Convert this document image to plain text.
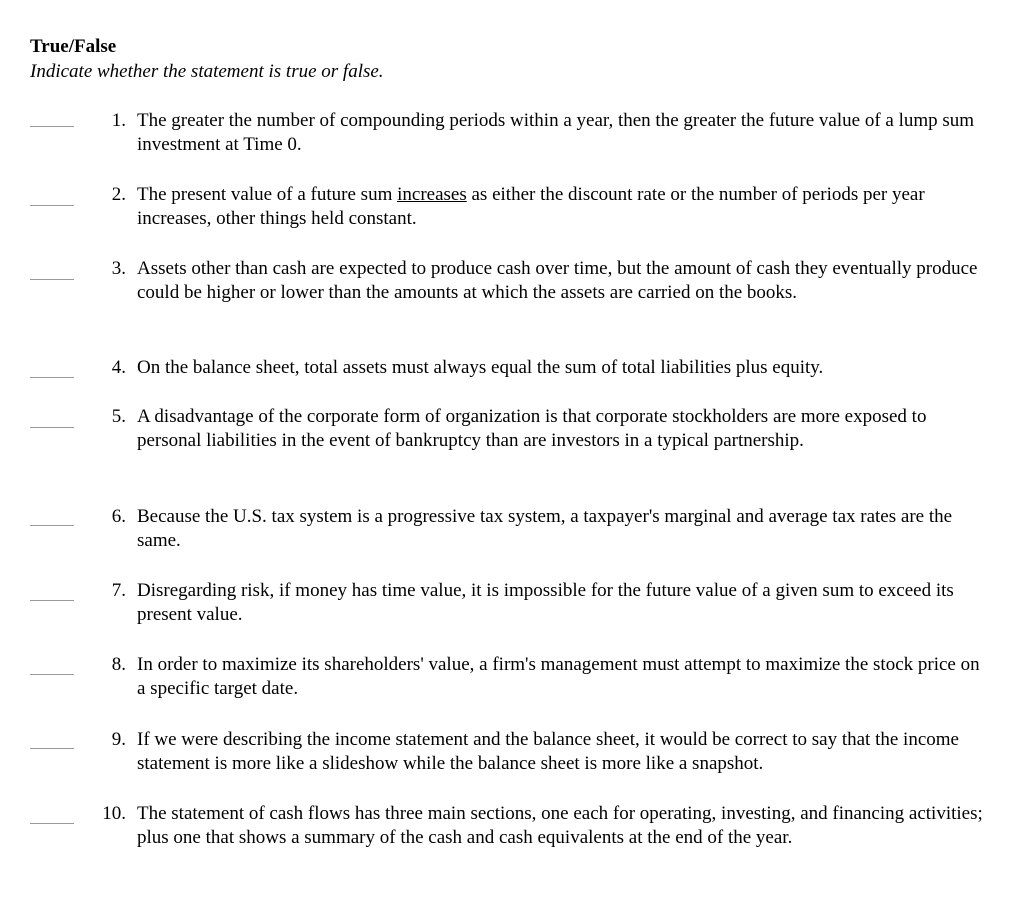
True/False
Indicate whether the statement is true or false.
1. The greater the number of compounding periods within a year, then the greater the future value of a lump sum investment at Time 0.
2. The present value of a future sum increases as either the discount rate or the number of periods per year increases, other things held constant.
3. Assets other than cash are expected to produce cash over time, but the amount of cash they eventually produce could be higher or lower than the amounts at which the assets are carried on the books.
4. On the balance sheet, total assets must always equal the sum of total liabilities plus equity.
5. A disadvantage of the corporate form of organization is that corporate stockholders are more exposed to personal liabilities in the event of bankruptcy than are investors in a typical partnership.
6. Because the U.S. tax system is a progressive tax system, a taxpayer's marginal and average tax rates are the same.
7. Disregarding risk, if money has time value, it is impossible for the future value of a given sum to exceed its present value.
8. In order to maximize its shareholders' value, a firm's management must attempt to maximize the stock price on a specific target date.
9. If we were describing the income statement and the balance sheet, it would be correct to say that the income statement is more like a slideshow while the balance sheet is more like a snapshot.
10. The statement of cash flows has three main sections, one each for operating, investing, and financing activities; plus one that shows a summary of the cash and cash equivalents at the end of the year.
